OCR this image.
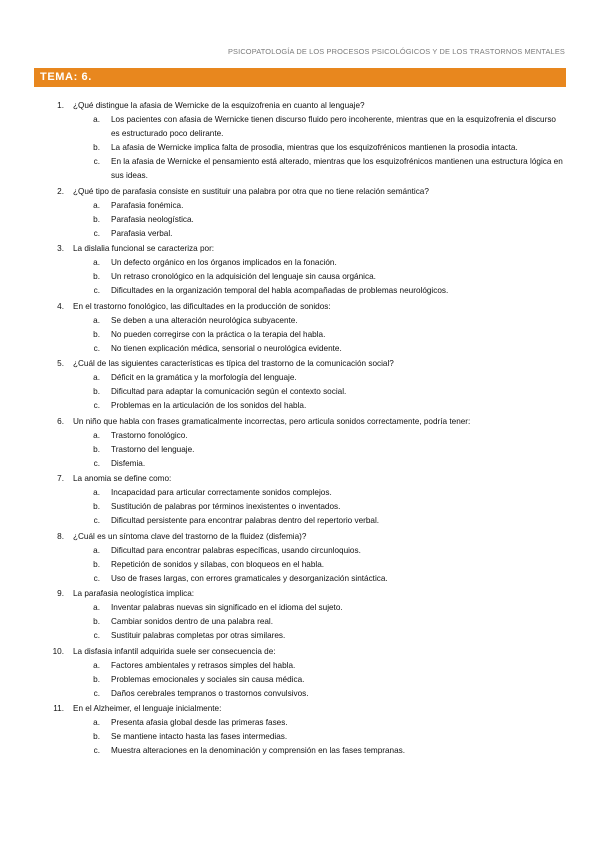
PSICOPATOLOGÍA DE LOS PROCESOS PSICOLÓGICOS Y DE LOS TRASTORNOS MENTALES
TEMA: 6.
1. ¿Qué distingue la afasia de Wernicke de la esquizofrenia en cuanto al lenguaje?
a. Los pacientes con afasia de Wernicke tienen discurso fluido pero incoherente, mientras que en la esquizofrenia el discurso es estructurado poco delirante.
b. La afasia de Wernicke implica falta de prosodia, mientras que los esquizofrénicos mantienen la prosodia intacta.
c. En la afasia de Wernicke el pensamiento está alterado, mientras que los esquizofrénicos mantienen una estructura lógica en sus ideas.
2. ¿Qué tipo de parafasia consiste en sustituir una palabra por otra que no tiene relación semántica?
a. Parafasia fonémica.
b. Parafasia neologística.
c. Parafasia verbal.
3. La dislalia funcional se caracteriza por:
a. Un defecto orgánico en los órganos implicados en la fonación.
b. Un retraso cronológico en la adquisición del lenguaje sin causa orgánica.
c. Dificultades en la organización temporal del habla acompañadas de problemas neurológicos.
4. En el trastorno fonológico, las dificultades en la producción de sonidos:
a. Se deben a una alteración neurológica subyacente.
b. No pueden corregirse con la práctica o la terapia del habla.
c. No tienen explicación médica, sensorial o neurológica evidente.
5. ¿Cuál de las siguientes características es típica del trastorno de la comunicación social?
a. Déficit en la gramática y la morfología del lenguaje.
b. Dificultad para adaptar la comunicación según el contexto social.
c. Problemas en la articulación de los sonidos del habla.
6. Un niño que habla con frases gramaticalmente incorrectas, pero articula sonidos correctamente, podría tener:
a. Trastorno fonológico.
b. Trastorno del lenguaje.
c. Disfemia.
7. La anomia se define como:
a. Incapacidad para articular correctamente sonidos complejos.
b. Sustitución de palabras por términos inexistentes o inventados.
c. Dificultad persistente para encontrar palabras dentro del repertorio verbal.
8. ¿Cuál es un síntoma clave del trastorno de la fluidez (disfemia)?
a. Dificultad para encontrar palabras específicas, usando circunloquios.
b. Repetición de sonidos y sílabas, con bloqueos en el habla.
c. Uso de frases largas, con errores gramaticales y desorganización sintáctica.
9. La parafasia neologística implica:
a. Inventar palabras nuevas sin significado en el idioma del sujeto.
b. Cambiar sonidos dentro de una palabra real.
c. Sustituir palabras completas por otras similares.
10. La disfasia infantil adquirida suele ser consecuencia de:
a. Factores ambientales y retrasos simples del habla.
b. Problemas emocionales y sociales sin causa médica.
c. Daños cerebrales tempranos o trastornos convulsivos.
11. En el Alzheimer, el lenguaje inicialmente:
a. Presenta afasia global desde las primeras fases.
b. Se mantiene intacto hasta las fases intermedias.
c. Muestra alteraciones en la denominación y comprensión en las fases tempranas.
